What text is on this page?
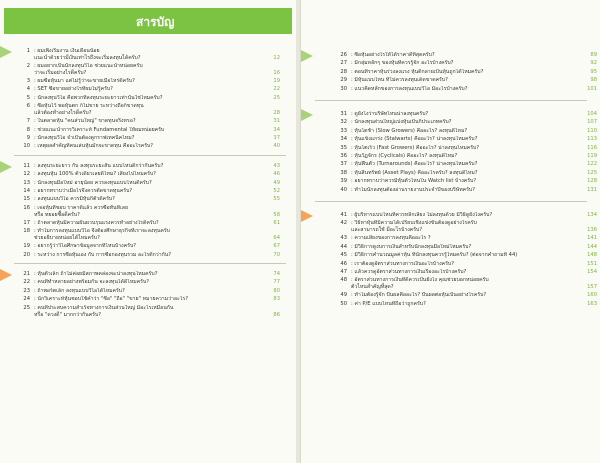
สารบัญ
1 : ผมเพิ่งเริ่มงาน เงินเดือนน้อย
แนะนำด้วยว่ามีเงินเท่าไรถึงจะเริ่มลงทุนได้ครับ?	12
2 : ผมอยากเป็นนักลงทุนวีไอ ช่วยแนะนำหน่อยครับ
ว่าจะเริ่มอย่างไรดีครับ?	16
3 : ผมซื้อหุ้นมา แต่ไม่รู้ว่าจะขายเมื่อไหร่ดีครับ?	19
4 : SET ซื้อขายอย่างไรที่ผมไม่รู้ครับ?	22
5 : นักลงทุนวีไอ คือพวกที่ลงทุนระยะยาวเท่านั้นใช่ไหมครับ?	25
6 : ซื้อหุ้นไว้ พอหุ้นตก ก็ไม่ขาย ระหว่างถือก็ขาดทุน
แล้วต้องทำอย่างไรดีครับ?	28
7 : ในตลาดหุ้น "คนส่วนใหญ่" ขาดทุนจริงหรอ?	31
8 : ช่วยแนะนำการวิเคราะห์ Fundamental ให้ผมหน่อยครับ	34
9 : นักลงทุนวีไอ จำเป็นต้องดูกราฟเทคนิคไหม?	37
10 : เหตุผลสำคัญที่คนเล่นหุ้นมักจะขาดทุน คืออะไรครับ?	40
11 : ลงทุนระยะยาว กับ ลงทุนระยะสั้น แบบไหนดีกว่ากันครับ?	43
12 : ลงทุนหุ้น 100% ตัวเดียวเลยดีไหม? เสี่ยงไปไหมครับ?	46
13 : นักลงทุนมือใหม่ อายุน้อย ควรลงทุนแบบไหนดีครับ?	49
14 : อยากทราบว่าเมื่อไรจึงควรตัดขาดทุนครับ?	52
15 : ลงทุนแบบวีไอ ควรมีหุ้นกี่ตัวดีครับ?	55
16 : เจอหุ้นที่ชอบ ราคาดีแล้ว ควรซื้อทันทีเลย
หรือ ทยอยซื้อดีครับ?	58
17 : ถ้าตลาดหุ้นมีความผันผวนรุนแรงควรทำอย่างไรดีครับ?	61
18 : ทำไมการลงทุนแบบวีไอ จึงต้องศึกษาธุรกิจที่เราจะลงทุนครับ
ช่วยอธิบายหน่อยได้ไหมครับ?	64
19 : อยากรู้ว่าวีไอศึกษาข้อมูลจากที่ไหนบ้างครับ?	67
20 : ระหว่าง การซื้อหุ้นเอง กับ การซื้อกองทุนรวม อะไรดีกว่ากัน?	70
21 : หุ้นตัวเล็ก ถ้าไม่ค่อยมีสภาพคล่องจะน่าลงทุนไหมครับ?	74
22 : คนที่ทำหลายอย่างพร้อมกัน จะลงทุนได้ดีไหมครับ?	77
23 : ถ้าพอร์ตเล็ก ลงทุนแบบวีไอได้ไหมครับ?	80
24 : นักวิเคราะห์หุ้นชอบใช้คำว่า "ซื้อ" "ถือ" "ขาย" หมายความว่าอะไร?	83
25 : คนที่ประสบความสำเร็จทางการเงินส่วนใหญ่ มีอะไรเหมือนกัน
หรือ "ดวงดี" มากกว่ากันครับ?	86
26 : ซื้อหุ้นอย่างไรให้ได้ราคาดีที่สุดครับ?	89
27 : มีกลุ่มหลักๆ ของหุ้นที่ควรรู้จัก อะไรบ้างครับ?	92
28 : ตอนที่ราคาหุ้นร่วงลงแรง หุ้นดีกลายเป็นหุ้นถูกได้ไหมครับ?	95
29 : มีหุ้นแบบไหน ที่ไม่ควรลงทุนเด็ดขาดครับ?	98
30 : แนวคิดหลักของการลงทุนแบบวีไอ มีอะไรบ้างครับ?	101
31 : ดูยังไงว่าบริษัทไหนน่าลงทุนครับ?	104
32 : นักลงทุนส่วนใหญ่แบ่งหุ้นเป็นกี่ประเภทครับ?	107
33 : หุ้นโตช้า (Slow Growers) คืออะไร? ลงทุนดีไหม?	110
34 : หุ้นแข็งแกร่ง (Stalwarts) คืออะไร? น่าลงทุนไหมครับ?	113
35 : หุ้นโตเร็ว (Fast Growers) คืออะไร? น่าลงทุนไหมครับ?	116
36 : หุ้นวัฏจักร (Cyclicals) คืออะไร? ลงทุนดีไหม?	119
37 : หุ้นฟื้นตัว (Turnarounds) คืออะไร? น่าลงทุนไหมครับ?	122
38 : หุ้นสินทรัพย์ (Asset Plays) คืออะไรครับ? ลงทุนดีไหม?	125
39 : อยากทราบว่าควรมีหุ้นตัวไหนใน Watch list บ้างครับ?	128
40 : ทำไมนักลงทุนต้องอ่านรายงานประจำปีของบริษัทครับ?	131
41 : ผู้บริหารแบบไหนที่ควรหลีกเลี่ยง ไม่ลงทุนด้วย มีวิธีดูยังไงครับ?	134
42 : วิธีหาหุ้นที่มีความได้เปรียบเชิงแข่งขันต้องดูอย่างไรครับ
และสามารถใช้ มีอะไรบ้างครับ?	136
43 : ความเสี่ยงของการลงทุนคืออะไร ?	141
44 : มีวิธีการดูงบการเงินสำหรับนักลงทุนมือใหม่ไหมครับ?	144
45 : มีวิธีการคำนวณมูลค่าหุ้น ที่นักลงทุนควรรู้ไหมครับ? (ต่อจากคำถามที่ 44)	148
46 : เราต้องดูอัตราส่วนทางการเงินอะไรบ้างครับ?	151
47 : แล้วควรดูอัตราส่วนทางการเงินเรื่องอะไรบ้างครับ?	154
48 : อัตราส่วนทางการเงินที่ดีควรเป็นยังไง คุณช่วยบอกหน่อยครับ
ตัวไหนสำคัญที่สุด?	157
49 : ทำไมต้องรู้จัก ปันผลคืออะไร? ปันผลต่อหุ้นเป็นอย่างไรครับ?	160
50 : ค่า P/E แบบไหนที่ถือว่าถูกครับ?	163
